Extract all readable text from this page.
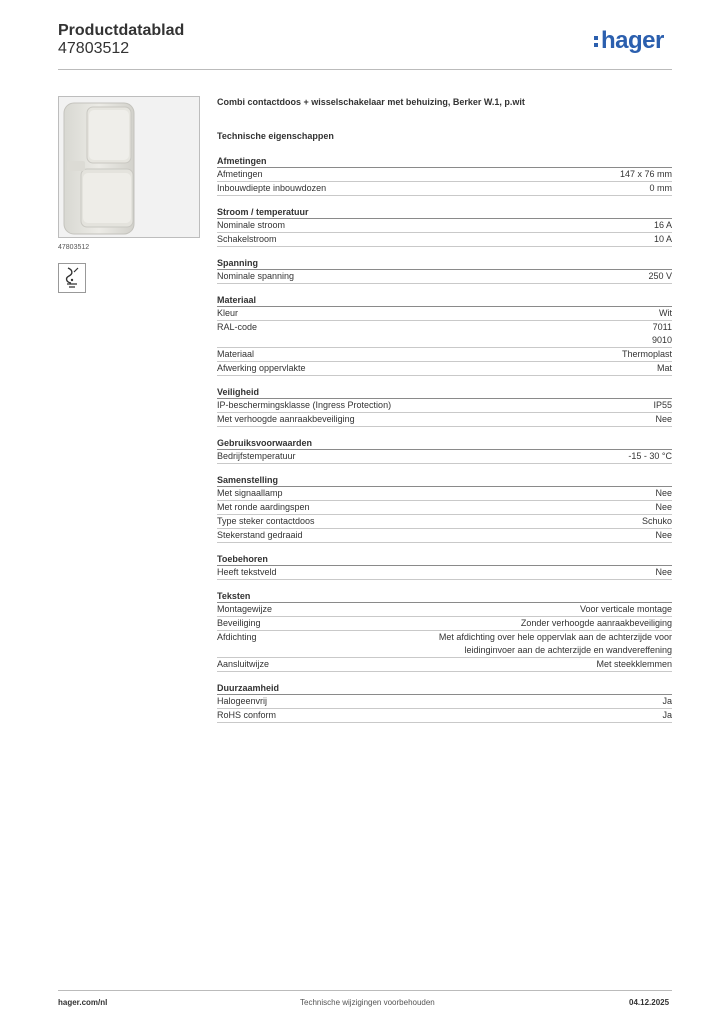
Productdatablad
47803512	hager
47803512
Combi contactdoos + wisselschakelaar met behuizing, Berker W.1, p.wit
Technische eigenschappen
Afmetingen
Afmetingen	147 x 76 mm
Inbouwdiepte inbouwdozen	0 mm
Stroom / temperatuur
Nominale stroom	16 A
Schakelstroom	10 A
Spanning
Nominale spanning	250 V
Materiaal
Kleur	Wit
RAL-code	7011
9010
Materiaal	Thermoplast
Afwerking oppervlakte	Mat
Veiligheid
IP-beschermingsklasse (Ingress Protection)	IP55
Met verhoogde aanraakbeveiliging	Nee
Gebruiksvoorwaarden
Bedrijfstemperatuur	-15 - 30 °C
Samenstelling
Met signaallamp	Nee
Met ronde aardingspen	Nee
Type steker contactdoos	Schuko
Stekerstand gedraaid	Nee
Toebehoren
Heeft tekstveld	Nee
Teksten
Montagewijze	Voor verticale montage
Beveiliging	Zonder verhoogde aanraakbeveiliging
Afdichting	Met afdichting over hele oppervlak aan de achterzijde voor
leidinginvoer aan de achterzijde en wandvereffening
Aansluitwijze	Met steekklemmen
Duurzaamheid
Halogeenvrij	Ja
RoHS conform	Ja
hager.com/nl	Technische wijzigingen voorbehouden	04.12.2025
